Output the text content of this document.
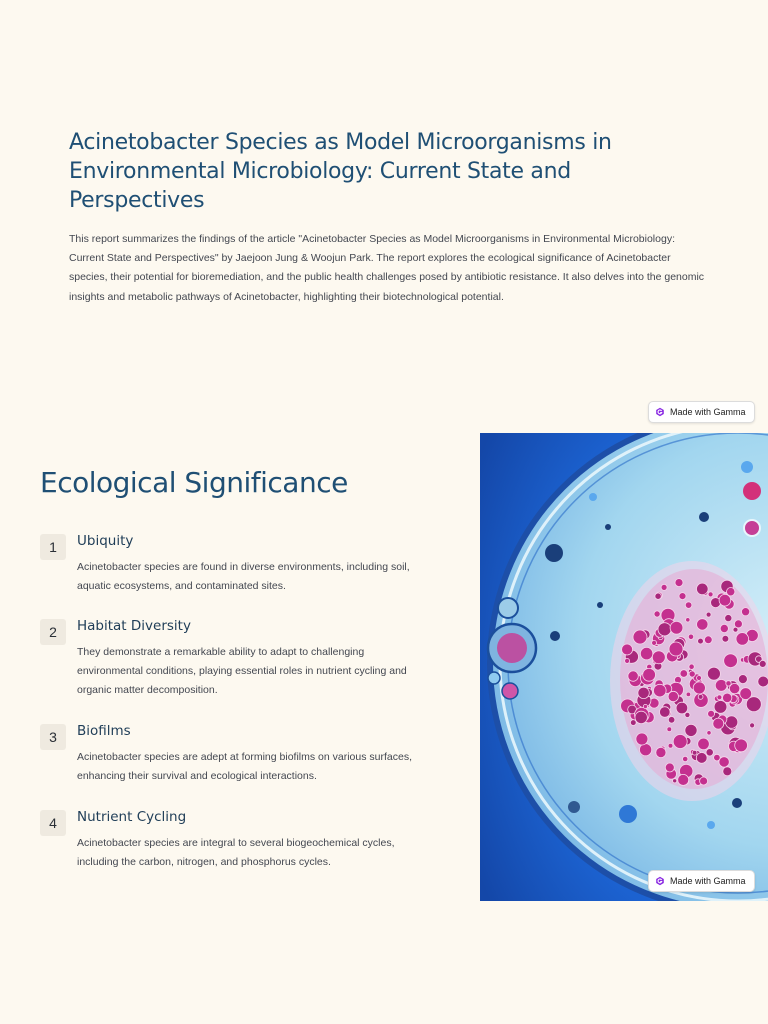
Acinetobacter Species as Model Microorganisms in Environmental Microbiology: Current State and Perspectives

This report summarizes the findings of the article "Acinetobacter Species as Model Microorganisms in Environmental Microbiology: Current State and Perspectives" by Jaejoon Jung & Woojun Park. The report explores the ecological significance of Acinetobacter species, their potential for bioremediation, and the public health challenges posed by antibiotic resistance. It also delves into the genomic insights and metabolic pathways of Acinetobacter, highlighting their biotechnological potential.

Made with Gamma
Ecological Significance
1	Ubiquity

Acinetobacter species are found in diverse environments, including soil, aquatic ecosystems, and contaminated sites.

2	Habitat Diversity

They demonstrate a remarkable ability to adapt to challenging environmental conditions, playing essential roles in nutrient cycling and organic matter decomposition.

3	Biofilms

Acinetobacter species are adept at forming biofilms on various surfaces, enhancing their survival and ecological interactions.

4	Nutrient Cycling

Acinetobacter species are integral to several biogeochemical cycles, including the carbon, nitrogen, and phosphorus cycles.

Made with Gamma
